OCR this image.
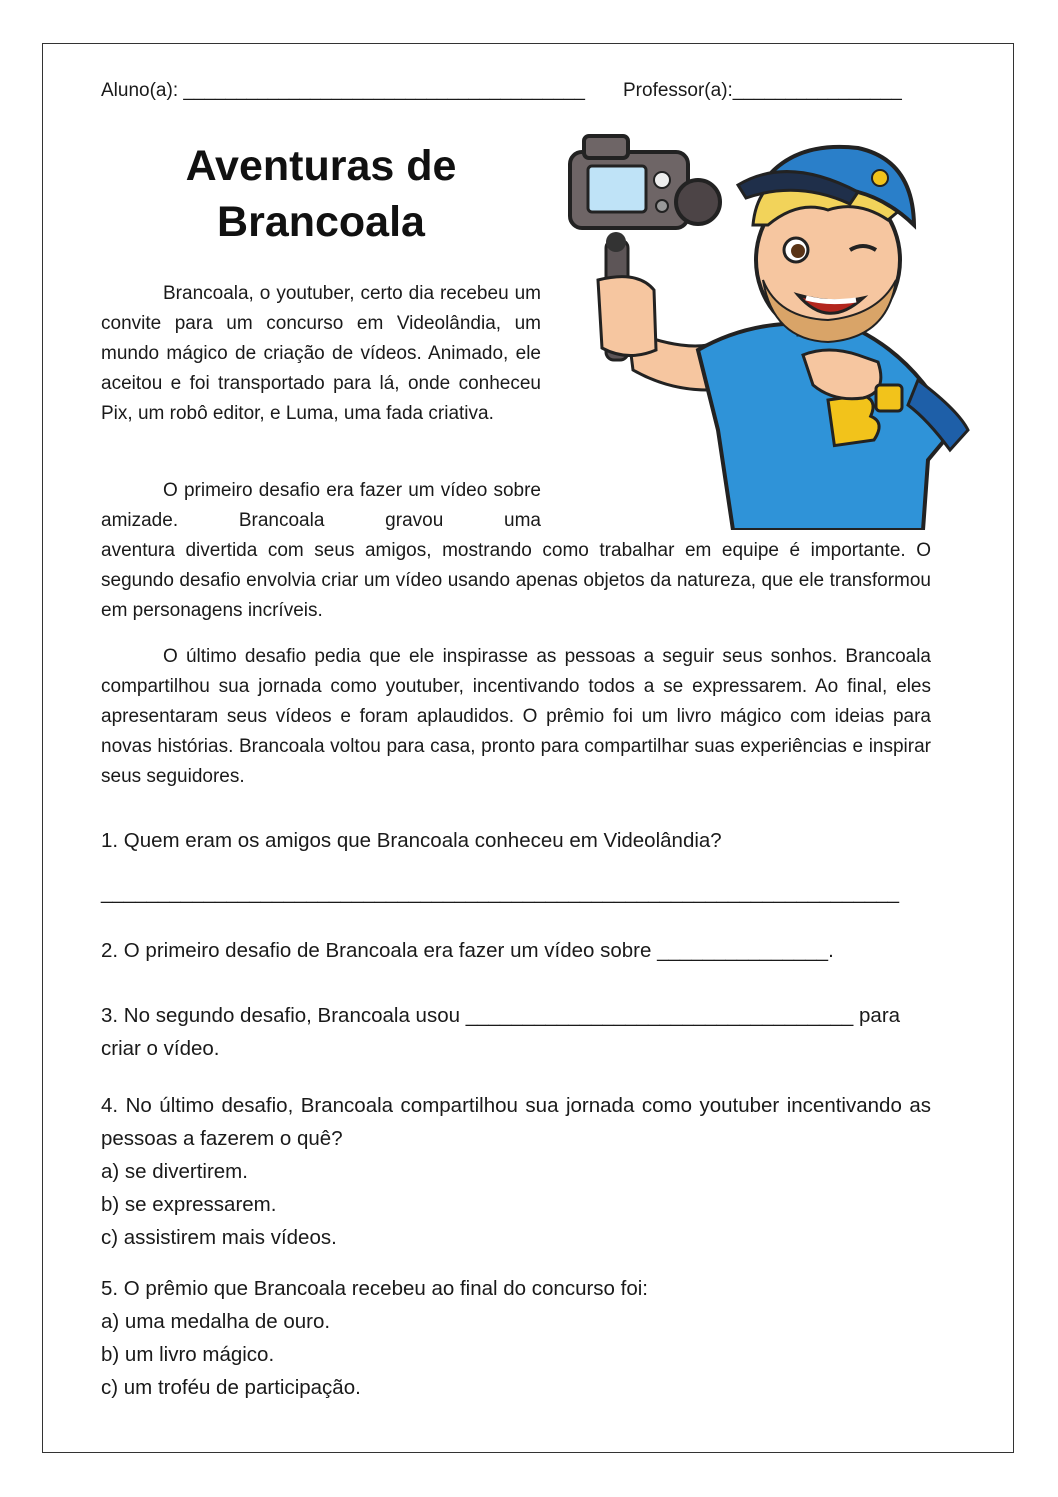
Aluno(a): ______________________________________ Professor(a):________________
Aventuras de
Brancoala

Brancoala, o youtuber, certo dia recebeu um convite para um concurso em Videolândia, um mundo mágico de criação de vídeos. Animado, ele aceitou e foi transportado para lá, onde conheceu Pix, um robô editor, e Luma, uma fada criativa.

O primeiro desafio era fazer um vídeo sobre amizade. Brancoala gravou uma

aventura divertida com seus amigos, mostrando como trabalhar em equipe é importante. O segundo desafio envolvia criar um vídeo usando apenas objetos da natureza, que ele transformou em personagens incríveis.

O último desafio pedia que ele inspirasse as pessoas a seguir seus sonhos. Brancoala compartilhou sua jornada como youtuber, incentivando todos a se expressarem. Ao final, eles apresentaram seus vídeos e foram aplaudidos. O prêmio foi um livro mágico com ideias para novas histórias. Brancoala voltou para casa, pronto para compartilhar suas experiências e inspirar seus seguidores.

1. Quem eram os amigos que Brancoala conheceu em Videolândia?

______________________________________________________________________

2. O primeiro desafio de Brancoala era fazer um vídeo sobre _______________.

3. No segundo desafio, Brancoala usou __________________________________ para criar o vídeo.

4. No último desafio, Brancoala compartilhou sua jornada como youtuber incentivando as pessoas a fazerem o quê?
a) se divertirem.
b) se expressarem.
c) assistirem mais vídeos.
5. O prêmio que Brancoala recebeu ao final do concurso foi:
a) uma medalha de ouro.
b) um livro mágico.
c) um troféu de participação.
